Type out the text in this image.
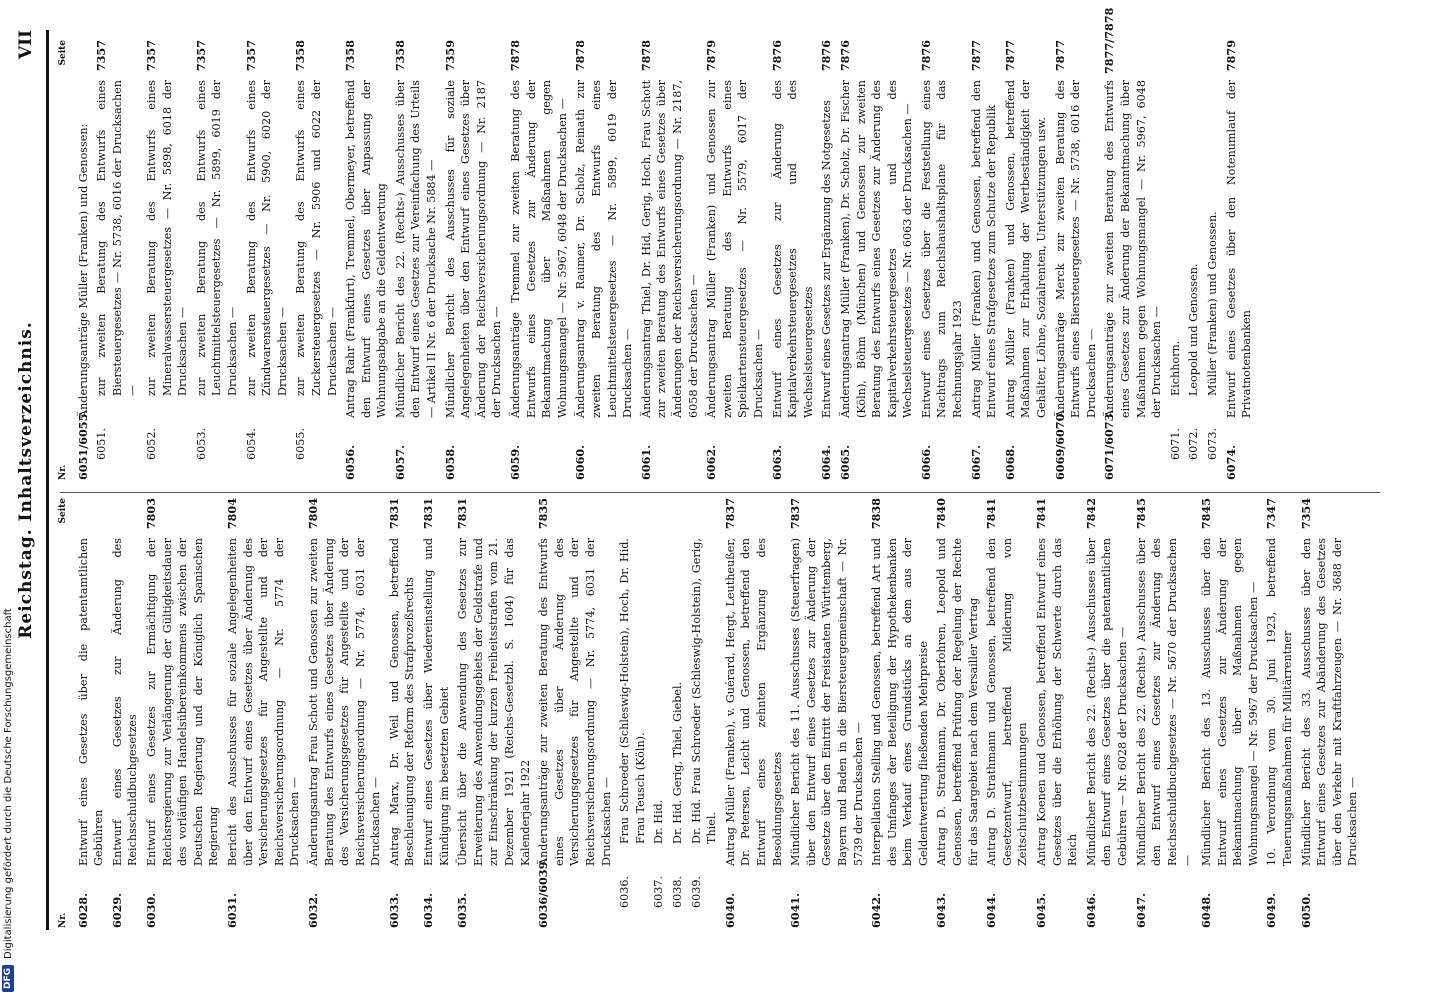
Reichstag. Inhaltsverzeichnis.
VII
Nr.
Seite
6028.
Entwurf eines Gesetzes über die patentamtlichen Gebühren
6029.
Entwurf eines Gesetzes zur Änderung des Reichsschuldbuchgesetzes
6030.
Entwurf eines Gesetzes zur Ermächtigung der Reichsregierung zur Verlängerung der Gültigkeitsdauer des vorläufigen Handelsübereinkommens zwischen der Deutschen Regierung und der Königlich Spanischen Regierung
7803
6031.
Bericht des Ausschusses für soziale Angelegenheiten über den Entwurf eines Gesetzes über Änderung des Versicherungsgesetzes für Angestellte und der Reichsversicherungsordnung — Nr. 5774 der Drucksachen —
7804
6032.
Änderungsantrag Frau Schott und Genossen zur zweiten Beratung des Entwurfs eines Gesetzes über Änderung des Versicherungsgesetzes für Angestellte und der Reichsversicherungsordnung — Nr. 5774, 6031 der Drucksachen —
7804
6033.
Antrag Marx, Dr. Weil und Genossen, betreffend Beschleunigung der Reform des Strafprozeßrechts
7831
6034.
Entwurf eines Gesetzes über Wiedereinstellung und Kündigung im besetzten Gebiet
7831
6035.
Übersicht über die Anwendung des Gesetzes zur Erweiterung des Anwendungsgebiets der Geldstrafe und zur Einschränkung der kurzen Freiheitsstrafen vom 21. Dezember 1921 (Reichs-Gesetzbl. S. 1604) für das Kalenderjahr 1922
7831
6036/6039.
Änderungsanträge zur zweiten Beratung des Entwurfs eines Gesetzes über Änderung des Versicherungsgesetzes für Angestellte und der Reichsversicherungsordnung — Nr. 5774, 6031 der Drucksachen —
7835
6036.
Frau Schroeder (Schleswig-Holstein), Hoch, Dr. Hid. Frau Teusch (Köln).
6037.
Dr. Hid.
6038.
Dr. Hid. Gerig, Thiel, Giebel.
6039.
Dr. Hid. Frau Schroeder (Schleswig-Holstein), Gerig, Thiel.
6040.
Antrag Müller (Franken), v. Guérard, Hergt, Leutheußer, Dr. Petersen, Leicht und Genossen, betreffend den Entwurf eines zehnten Ergänzung des Besoldungsgesetzes
7837
6041.
Mündlicher Bericht des 11. Ausschusses (Steuerfragen) über den Entwurf eines Gesetzes zur Änderung der Gesetze über den Eintritt der Freistaaten Württemberg, Bayern und Baden in die Biersteuergemeinschaft — Nr. 5739 der Drucksachen —
7837
6042.
Interpellation Stelling und Genossen, betreffend Art und des Umfanges der Beteiligung der Hypothekenbanken beim Verkauf eines Grundstücks an dem aus der Geldentwertung fließenden Mehrpreise
7838
6043.
Antrag D. Strathmann, Dr. Oberfohren, Leopold und Genossen, betreffend Prüfung der Regelung der Rechte für das Saargebiet nach dem Versailler Vertrag
7840
6044.
Antrag D. Strathmann und Genossen, betreffend den Gesetzentwurf, betreffend Milderung von Zeitschutzbestimmungen
7841
6045.
Antrag Koenen und Genossen, betreffend Entwurf eines Gesetzes über die Erhöhung der Schwerte durch das Reich
7841
6046.
Mündlicher Bericht des 22. (Rechts-) Ausschusses über den Entwurf eines Gesetzes über die patentamtlichen Gebühren — Nr. 6028 der Drucksachen —
7842
6047.
Mündlicher Bericht des 22. (Rechts-) Ausschusses über den Entwurf eines Gesetzes zur Änderung des Reichsschuldbuchgesetzes — Nr. 5670 der Drucksachen —
7845
6048.
Mündlicher Bericht des 13. Ausschusses über den Entwurf eines Gesetzes zur Änderung der Bekanntmachung über Maßnahmen gegen Wohnungsmangel — Nr. 5967 der Drucksachen —
7845
6049.
10. Verordnung vom 30. Juni 1923, betreffend Teuerungsmaßnahmen für Militärrentner
7347
6050.
Mündlicher Bericht des 33. Ausschusses über den Entwurf eines Gesetzes zur Abänderung des Gesetzes über den Verkehr mit Kraftfahrzeugen — Nr. 3688 der Drucksachen —
7354
Nr.
Seite
6051/6055.
Änderungsanträge Müller (Franken) und Genossen:
6051.
zur zweiten Beratung des Entwurfs eines Biersteuergesetzes — Nr. 5738, 6016 der Drucksachen —
7357
6052.
zur zweiten Beratung des Entwurfs eines Mineralwassersteuergesetzes — Nr. 5898, 6018 der Drucksachen —
7357
6053.
zur zweiten Beratung des Entwurfs eines Leuchtmittelsteuergesetzes — Nr. 5899, 6019 der Drucksachen —
7357
6054.
zur zweiten Beratung des Entwurfs eines Zündwarensteuergesetzes — Nr. 5900, 6020 der Drucksachen —
7357
6055.
zur zweiten Beratung des Entwurfs eines Zuckersteuergesetzes — Nr. 5906 und 6022 der Drucksachen —
7358
6056.
Antrag Rahr (Frankfurt), Tremmel, Obermeyer, betreffend den Entwurf eines Gesetzes über Anpassung der Wohnungsabgabe an die Geldentwertung
7358
6057.
Mündlicher Bericht des 22. (Rechts-) Ausschusses über den Entwurf eines Gesetzes zur Vereinfachung des Urteils — Artikel II Nr. 6 der Drucksache Nr. 5884 —
7358
6058.
Mündlicher Bericht des Ausschusses für soziale Angelegenheiten über den Entwurf eines Gesetzes über Änderung der Reichsversicherungsordnung — Nr. 2187 der Drucksachen —
7359
6059.
Änderungsanträge Tremmel zur zweiten Beratung des Entwurfs eines Gesetzes zur Änderung der Bekanntmachung über Maßnahmen gegen Wohnungsmangel — Nr. 5967, 6048 der Drucksachen —
7878
6060.
Änderungsantrag v. Raumer, Dr. Scholz, Reinath zur zweiten Beratung des Entwurfs eines Leuchtmittelsteuergesetzes — Nr. 5899, 6019 der Drucksachen —
7878
6061.
Änderungsantrag Thiel, Dr. Hid, Gerig, Hoch, Frau Schott zur zweiten Beratung des Entwurfs eines Gesetzes über Änderungen der Reichsversicherungsordnung — Nr. 2187, 6058 der Drucksachen —
7878
6062.
Änderungsantrag Müller (Franken) und Genossen zur zweiten Beratung des Entwurfs eines Spielkartensteuergesetzes — Nr. 5579, 6017 der Drucksachen —
7879
6063.
Entwurf eines Gesetzes zur Änderung des Kapitalverkehrsteuergesetzes und des Wechselsteuergesetzes
7876
6064.
Entwurf eines Gesetzes zur Ergänzung des Notgesetzes
7876
6065.
Änderungsantrag Müller (Franken), Dr. Scholz, Dr. Fischer (Köln), Böhm (München) und Genossen zur zweiten Beratung des Entwurfs eines Gesetzes zur Änderung des Kapitalverkehrsteuergesetzes und des Wechselsteuergesetzes — Nr. 6063 der Drucksachen —
7876
6066.
Entwurf eines Gesetzes über die Feststellung eines Nachtrags zum Reichshaushaltsplane für das Rechnungsjahr 1923
7876
6067.
Antrag Müller (Franken) und Genossen, betreffend den Entwurf eines Strafgesetzes zum Schutze der Republik
7877
6068.
Antrag Müller (Franken) und Genossen, betreffend Maßnahmen zur Erhaltung der Wertbeständigkeit der Gehälter, Löhne, Sozialrenten, Unterstützungen usw.
7877
6069/6070.
Änderungsanträge Merck zur zweiten Beratung des Entwurfs eines Biersteuergesetzes — Nr. 5738, 6016 der Drucksachen —
7877
6071/6073.
Änderungsanträge zur zweiten Beratung des Entwurfs eines Gesetzes zur Änderung der Bekanntmachung über Maßnahmen gegen Wohnungsmangel — Nr. 5967, 6048 der Drucksachen —
7877/7878
6071.
Eichhorn.
6072.
Leopold und Genossen.
6073.
Müller (Franken) und Genossen.
6074.
Entwurf eines Gesetzes über den Notenumlauf der Privatnotenbanken
7879
DFG
Digitalisierung gefördert durch die Deutsche Forschungsgemeinschaft
